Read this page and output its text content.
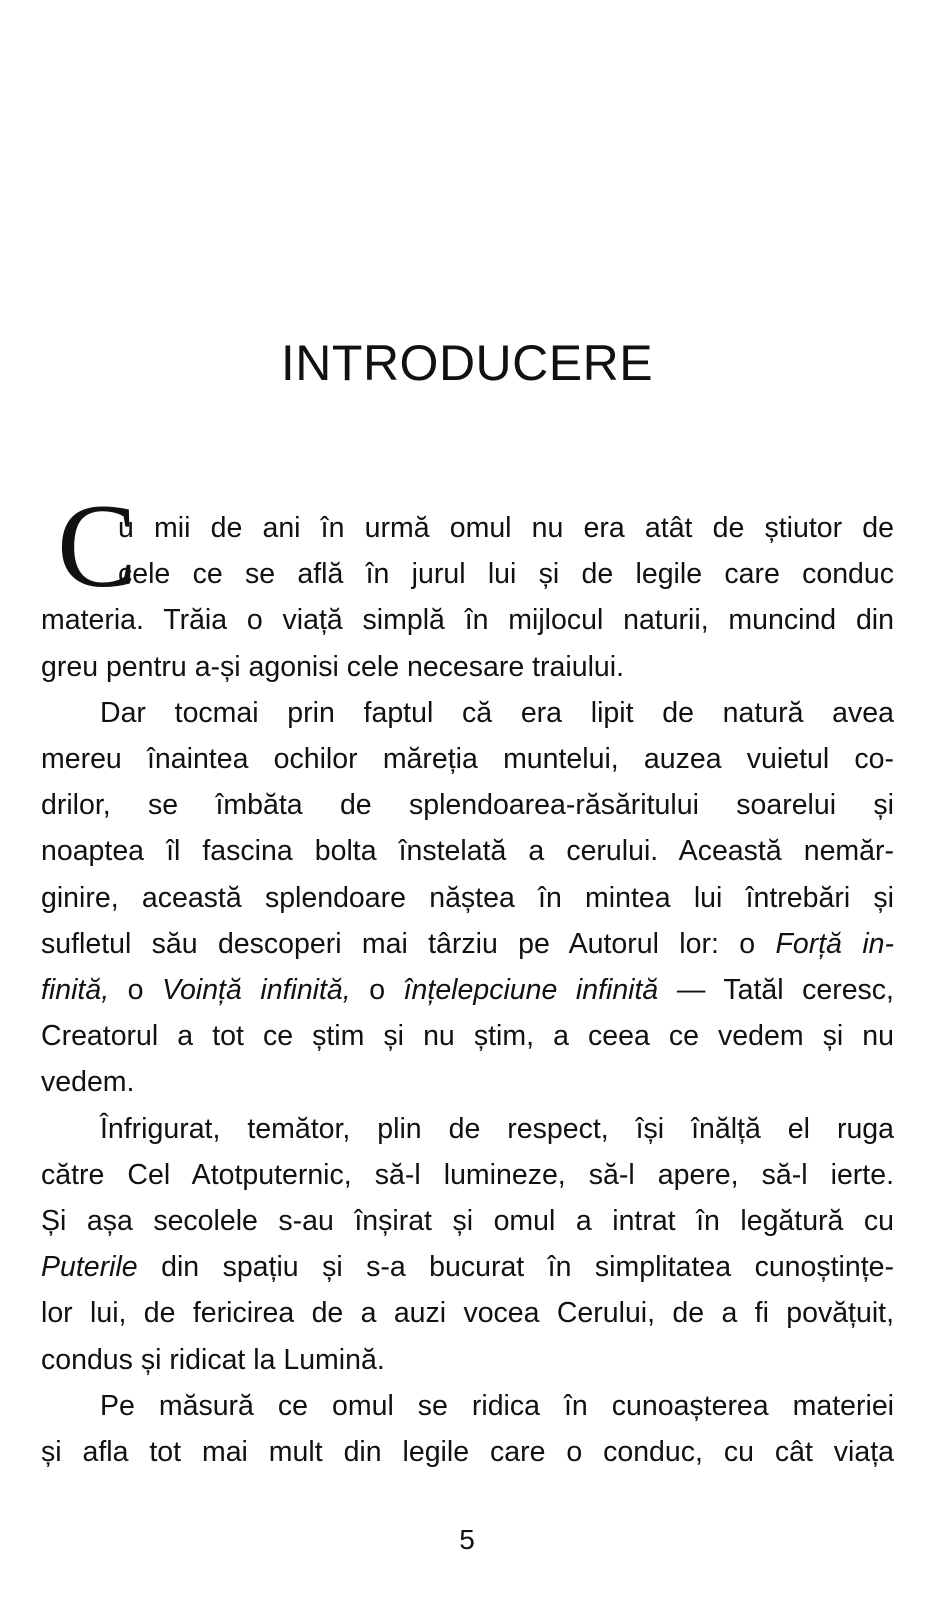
INTRODUCERE
C
u mii de ani în urmă omul nu era atât de știutor de
cele ce se află în jurul lui și de legile care conduc
materia. Trăia o viață simplă în mijlocul naturii, muncind din
greu pentru a-și agonisi cele necesare traiului.
Dar tocmai prin faptul că era lipit de natură avea
mereu înaintea ochilor măreția muntelui, auzea vuietul co-
drilor, se îmbăta de splendoarea-răsăritului soarelui și
noaptea îl fascina bolta înstelată a cerului. Această nemăr-
ginire, această splendoare năștea în mintea lui întrebări și
sufletul său descoperi mai târziu pe Autorul lor: o Forță in-
finită, o Voință infinită, o înțelepciune infinită — Tatăl ceresc,
Creatorul a tot ce știm și nu știm, a ceea ce vedem și nu
vedem.
Înfrigurat, temător, plin de respect, își înălță el ruga
către Cel Atotputernic, să-l lumineze, să-l apere, să-l ierte.
Și așa secolele s-au înșirat și omul a intrat în legătură cu
Puterile din spațiu și s-a bucurat în simplitatea cunoștințe-
lor lui, de fericirea de a auzi vocea Cerului, de a fi povățuit,
condus și ridicat la Lumină.
Pe măsură ce omul se ridica în cunoașterea materiei
și afla tot mai mult din legile care o conduc, cu cât viața
5
